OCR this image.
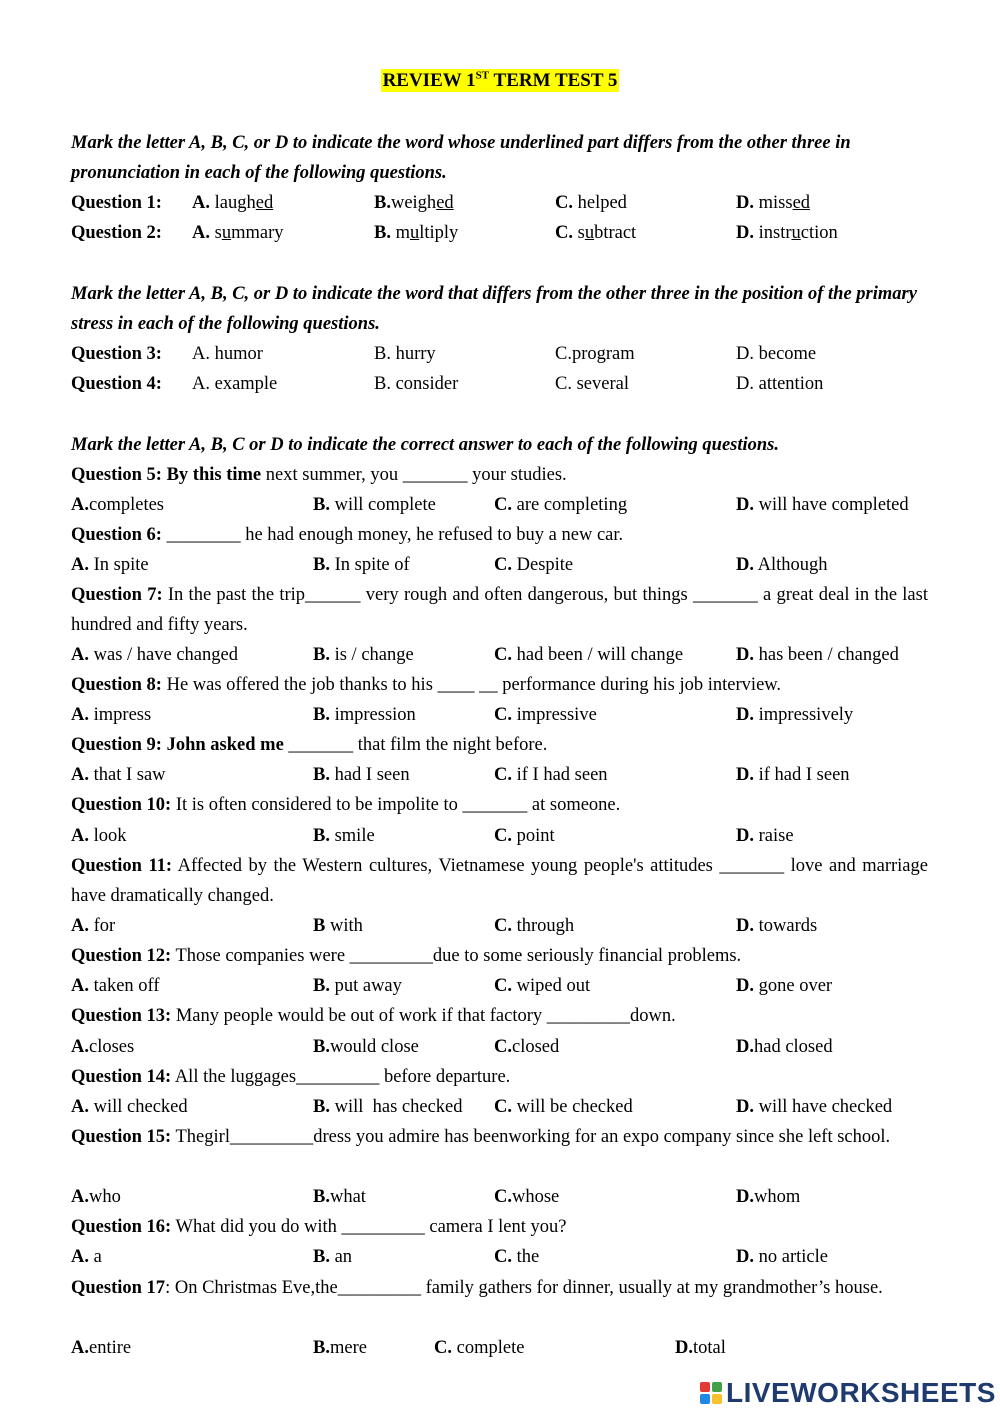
REVIEW 1ST TERM TEST 5
Mark the letter A, B, C, or D to indicate the word whose underlined part differs from the other three in pronunciation in each of the following questions.
Question 1: A. laughed	B.weighed	C. helped	D. missed
Question 2: A. summary	B. multiply	C. subtract	D. instruction
Mark the letter A, B, C, or D to indicate the word that differs from the other three in the position of the primary stress in each of the following questions.
Question 3: A. humor	B. hurry	C.program	D. become
Question 4: A. example	B. consider	C. several	D. attention
Mark the letter A, B, C or D to indicate the correct answer to each of the following questions.
Question 5: By this time next summer, you _______ your studies.
A.completes	B. will complete	C. are completing	D. will have completed
Question 6: ________ he had enough money, he refused to buy a new car.
A. In spite	B. In spite of	C. Despite	D. Although
Question 7: In the past the trip______ very rough and often dangerous, but things _______ a great deal in the last hundred and fifty years.
A. was / have changed	B. is / change	C. had been / will change	D. has been / changed
Question 8: He was offered the job thanks to his ____ __ performance during his job interview.
A. impress	B. impression	C. impressive	D. impressively
Question 9: John asked me _______ that film the night before.
A. that I saw	B. had I seen	C. if I had seen	D. if had I seen
Question 10: It is often considered to be impolite to _______ at someone.
A. look	B. smile	C. point	D. raise
Question 11: Affected by the Western cultures, Vietnamese young people's attitudes _______ love and marriage have dramatically changed.
A. for	B with	C. through	D. towards
Question 12: Those companies were _________due to some seriously financial problems.
A. taken off	B. put away	C. wiped out	D. gone over
Question 13: Many people would be out of work if that factory _________down.
A.closes	B.would close	C.closed	D.had closed
Question 14: All the luggages_________ before departure.
A. will checked	B. will  has checked C. will be checked	D. will have checked
Question 15: Thegirl_________dress you admire has beenworking for an expo company since she left school.
A.who	B.what	C.whose	D.whom
Question 16: What did you do with _________ camera I lent you?
A. a	B. an	C. the	D. no article
Question 17: On Christmas Eve,the_________ family gathers for dinner, usually at my grandmother’s house.
A.entire	B.mere	C. complete	D.total
LIVEWORKSHEETS
